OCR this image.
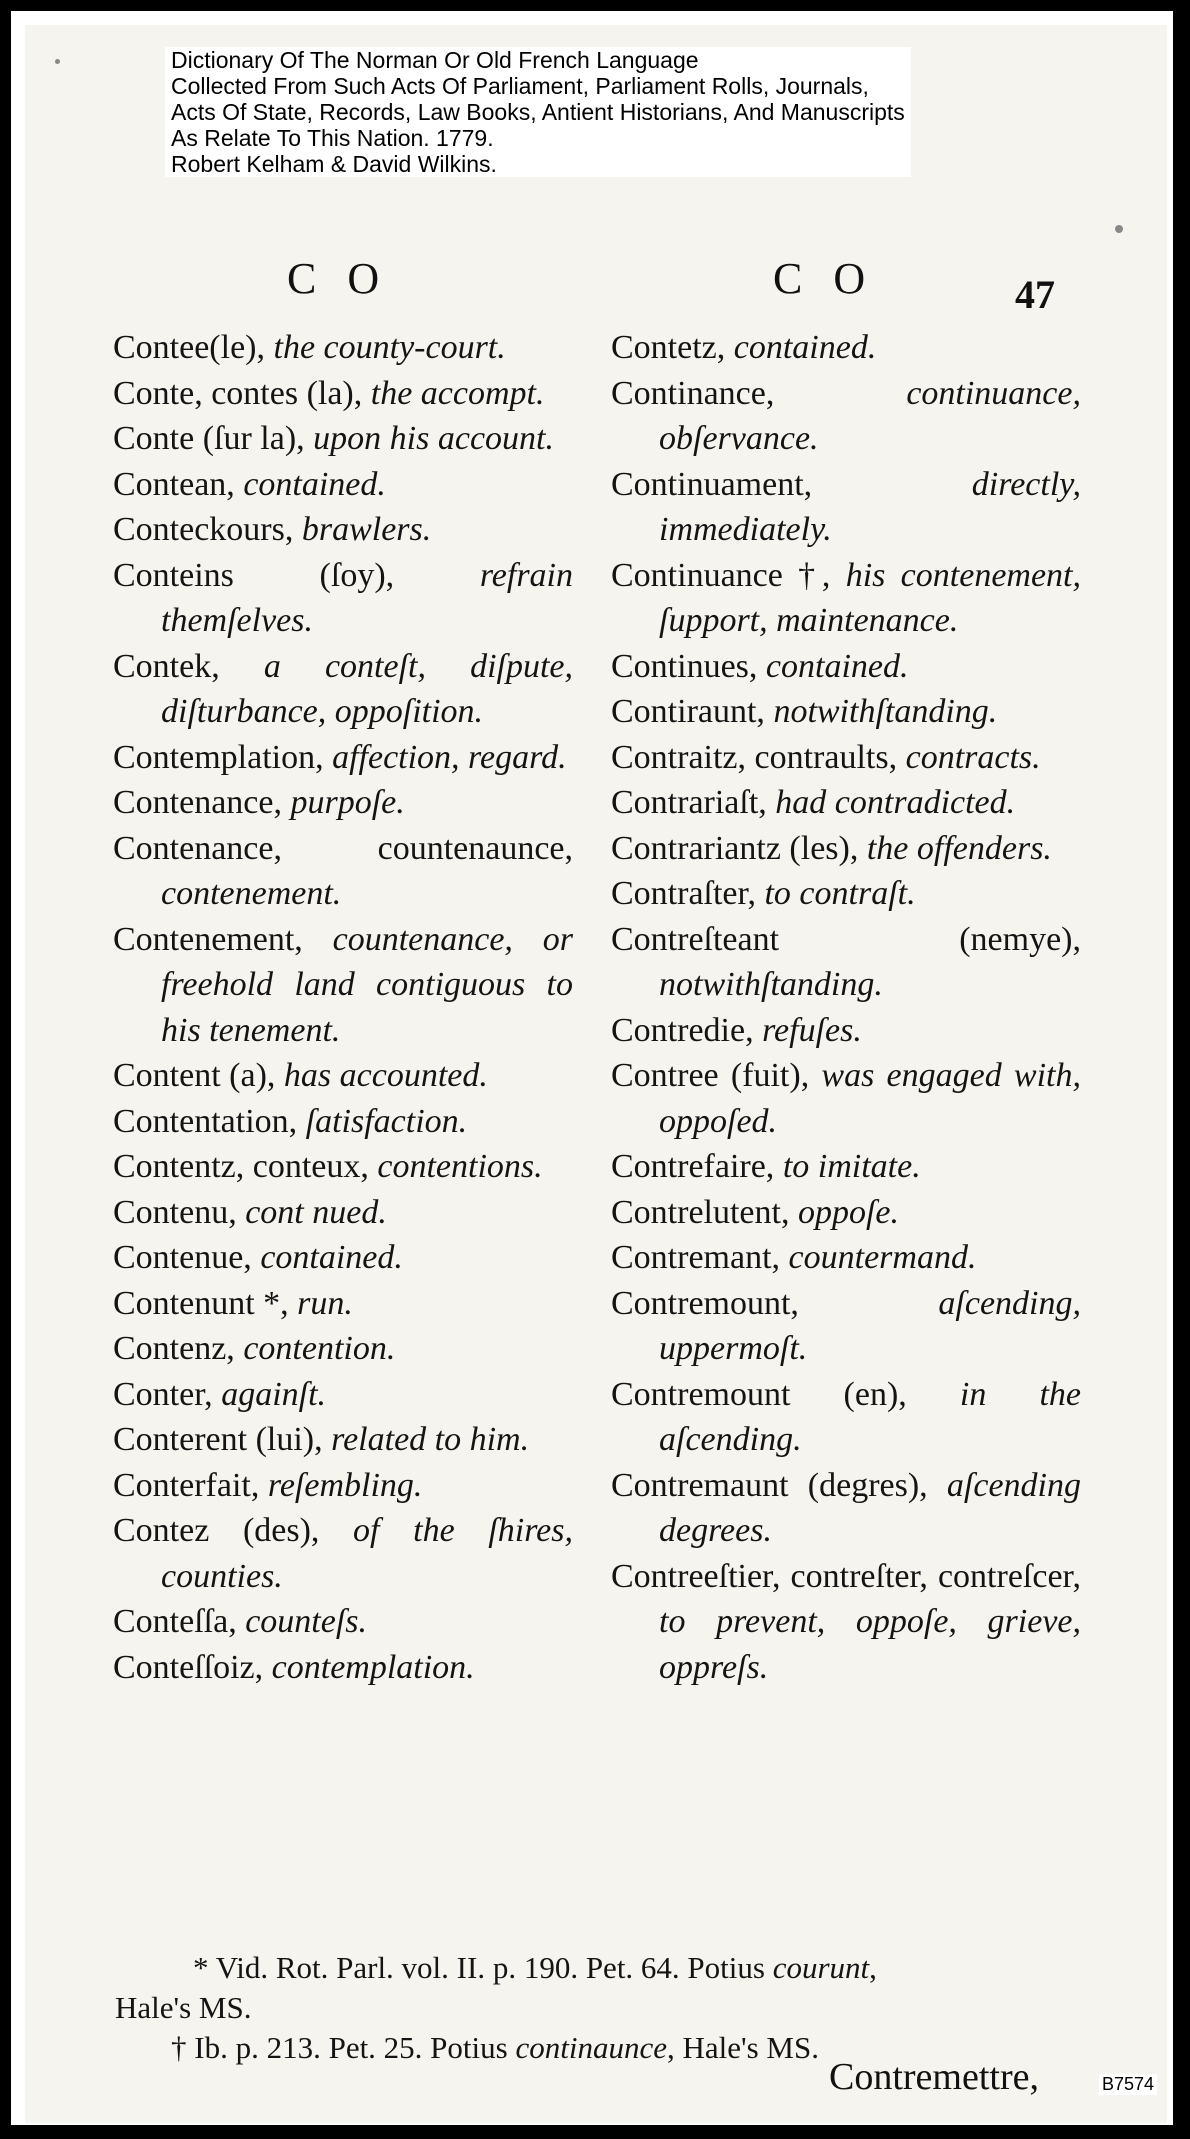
Dictionary Of The Norman Or Old French Language
Collected From Such Acts Of Parliament, Parliament Rolls, Journals,
Acts Of State, Records, Law Books, Antient Historians, And Manuscripts
As Relate To This Nation. 1779.
Robert Kelham & David Wilkins.
C O	C O	47
Contee(le), the county-court.
Conte, contes (la), the accompt.
Conte (ſur la), upon his account.
Contean, contained.
Conteckours, brawlers.
Conteins (ſoy), refrain themſelves.
Contek, a conteſt, diſpute, diſturbance, oppoſition.
Contemplation, affection, regard.
Contenance, purpoſe.
Contenance, countenaunce, contenement.
Contenement, countenance, or freehold land contiguous to his tenement.
Content (a), has accounted.
Contentation, ſatisfaction.
Contentz, conteux, contentions.
Contenu, cont nued.
Contenue, contained.
Contenunt *, run.
Contenz, contention.
Conter, againſt.
Conterent (lui), related to him.
Conterfait, reſembling.
Contez (des), of the ſhires, counties.
Conteſſa, counteſs.
Conteſſoiz, contemplation.
Contetz, contained.
Continance, continuance, obſervance.
Continuament, directly, immediately.
Continuance †, his contenement, ſupport, maintenance.
Continues, contained.
Contiraunt, notwithſtanding.
Contraitz, contraults, contracts.
Contrariaſt, had contradicted.
Contrariantz (les), the offenders.
Contraſter, to contraſt.
Contreſteant (nemye), notwithſtanding.
Contredie, refuſes.
Contree (fuit), was engaged with, oppoſed.
Contrefaire, to imitate.
Contrelutent, oppoſe.
Contremant, countermand.
Contremount, aſcending, uppermoſt.
Contremount (en), in the aſcending.
Contremaunt (degres), aſcending degrees.
Contreeſtier, contreſter, contreſcer, to prevent, oppoſe, grieve, oppreſs.
* Vid. Rot. Parl. vol. II. p. 190. Pet. 64. Potius courunt,
Hale's MS.
† Ib. p. 213. Pet. 25. Potius continaunce, Hale's MS.
Contremettre,	B7574
